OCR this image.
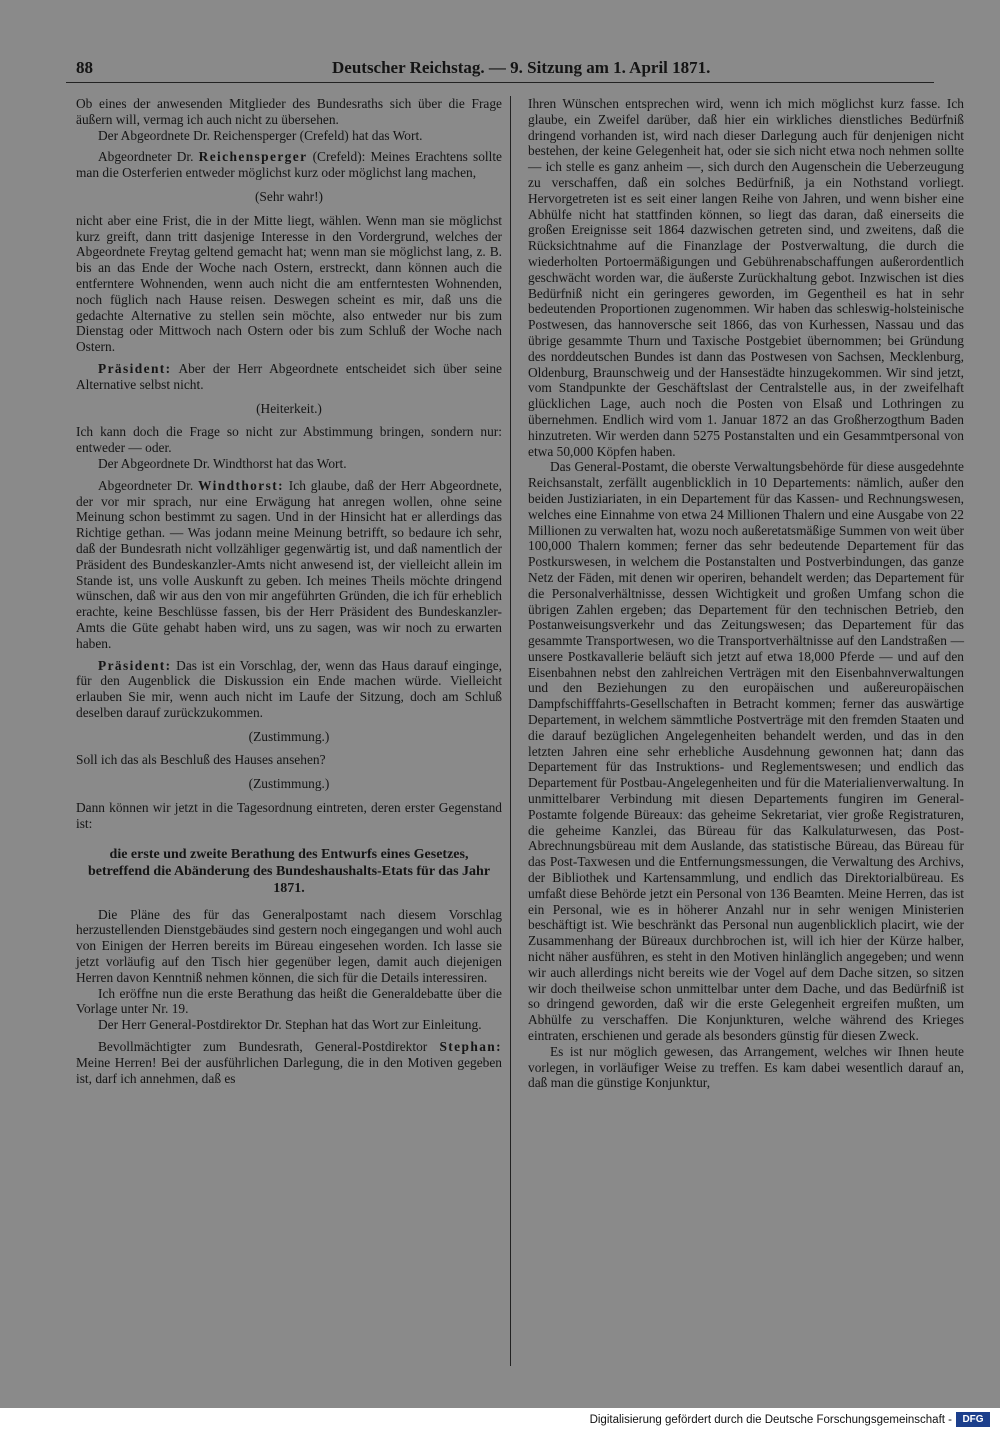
88	Deutscher Reichstag. — 9. Sitzung am 1. April 1871.

Ob eines der anwesenden Mitglieder des Bundesraths sich über die Frage äußern will, vermag ich auch nicht zu übersehen.

Der Abgeordnete Dr. Reichensperger (Crefeld) hat das Wort.

Abgeordneter Dr. Reichensperger (Crefeld): Meines Erachtens sollte man die Osterferien entweder möglichst kurz oder möglichst lang machen,

(Sehr wahr!)

nicht aber eine Frist, die in der Mitte liegt, wählen. Wenn man sie möglichst kurz greift, dann tritt dasjenige Interesse in den Vordergrund, welches der Abgeordnete Freytag geltend gemacht hat; wenn man sie möglichst lang, z. B. bis an das Ende der Woche nach Ostern, erstreckt, dann können auch die entferntere Wohnenden, wenn auch nicht die am entferntesten Wohnenden, noch füglich nach Hause reisen. Deswegen scheint es mir, daß uns die gedachte Alternative zu stellen sein möchte, also entweder nur bis zum Dienstag oder Mittwoch nach Ostern oder bis zum Schluß der Woche nach Ostern.

Präsident: Aber der Herr Abgeordnete entscheidet sich über seine Alternative selbst nicht.

(Heiterkeit.)

Ich kann doch die Frage so nicht zur Abstimmung bringen, sondern nur: entweder — oder.

Der Abgeordnete Dr. Windthorst hat das Wort.

Abgeordneter Dr. Windthorst: Ich glaube, daß der Herr Abgeordnete, der vor mir sprach, nur eine Erwägung hat anregen wollen, ohne seine Meinung schon bestimmt zu sagen. Und in der Hinsicht hat er allerdings das Richtige gethan. — Was jodann meine Meinung betrifft, so bedaure ich sehr, daß der Bundesrath nicht vollzähliger gegenwärtig ist, und daß namentlich der Präsident des Bundeskanzler-Amts nicht anwesend ist, der vielleicht allein im Stande ist, uns volle Auskunft zu geben. Ich meines Theils möchte dringend wünschen, daß wir aus den von mir angeführten Gründen, die ich für erheblich erachte, keine Beschlüsse fassen, bis der Herr Präsident des Bundeskanzler-Amts die Güte gehabt haben wird, uns zu sagen, was wir noch zu erwarten haben.

Präsident: Das ist ein Vorschlag, der, wenn das Haus darauf einginge, für den Augenblick die Diskussion ein Ende machen würde. Vielleicht erlauben Sie mir, wenn auch nicht im Laufe der Sitzung, doch am Schluß deselben darauf zurückzukommen.

(Zustimmung.)

Soll ich das als Beschluß des Hauses ansehen?

(Zustimmung.)

Dann können wir jetzt in die Tagesordnung eintreten, deren erster Gegenstand ist:

die erste und zweite Berathung des Entwurfs eines Gesetzes, betreffend die Abänderung des Bundeshaushalts-Etats für das Jahr 1871.

Die Pläne des für das Generalpostamt nach diesem Vorschlag herzustellenden Dienstgebäudes sind gestern noch eingegangen und wohl auch von Einigen der Herren bereits im Büreau eingesehen worden. Ich lasse sie jetzt vorläufig auf den Tisch hier gegenüber legen, damit auch diejenigen Herren davon Kenntniß nehmen können, die sich für die Details interessiren.

Ich eröffne nun die erste Berathung das heißt die Generaldebatte über die Vorlage unter Nr. 19.

Der Herr General-Postdirektor Dr. Stephan hat das Wort zur Einleitung.

Bevollmächtigter zum Bundesrath, General-Postdirektor Stephan: Meine Herren! Bei der ausführlichen Darlegung, die in den Motiven gegeben ist, darf ich annehmen, daß es

Ihren Wünschen entsprechen wird, wenn ich mich möglichst kurz fasse. Ich glaube, ein Zweifel darüber, daß hier ein wirkliches dienstliches Bedürfniß dringend vorhanden ist, wird nach dieser Darlegung auch für denjenigen nicht bestehen, der keine Gelegenheit hat, oder sie sich nicht etwa noch nehmen sollte — ich stelle es ganz anheim —, sich durch den Augenschein die Ueberzeugung zu verschaffen, daß ein solches Bedürfniß, ja ein Nothstand vorliegt. Hervorgetreten ist es seit einer langen Reihe von Jahren, und wenn bisher eine Abhülfe nicht hat stattfinden können, so liegt das daran, daß einerseits die großen Ereignisse seit 1864 dazwischen getreten sind, und zweitens, daß die Rücksichtnahme auf die Finanzlage der Postverwaltung, die durch die wiederholten Portoermäßigungen und Gebührenabschaffungen außerordentlich geschwächt worden war, die äußerste Zurückhaltung gebot. Inzwischen ist dies Bedürfniß nicht ein geringeres geworden, im Gegentheil es hat in sehr bedeutenden Proportionen zugenommen. Wir haben das schleswig-holsteinische Postwesen, das hannoversche seit 1866, das von Kurhessen, Nassau und das übrige gesammte Thurn und Taxische Postgebiet übernommen; bei Gründung des norddeutschen Bundes ist dann das Postwesen von Sachsen, Mecklenburg, Oldenburg, Braunschweig und der Hansestädte hinzugekommen. Wir sind jetzt, vom Standpunkte der Geschäftslast der Centralstelle aus, in der zweifelhaft glücklichen Lage, auch noch die Posten von Elsaß und Lothringen zu übernehmen. Endlich wird vom 1. Januar 1872 an das Großherzogthum Baden hinzutreten. Wir werden dann 5275 Postanstalten und ein Gesammtpersonal von etwa 50,000 Köpfen haben.

Das General-Postamt, die oberste Verwaltungsbehörde für diese ausgedehnte Reichsanstalt, zerfällt augenblicklich in 10 Departements: nämlich, außer den beiden Justiziariaten, in ein Departement für das Kassen- und Rechnungswesen, welches eine Einnahme von etwa 24 Millionen Thalern und eine Ausgabe von 22 Millionen zu verwalten hat, wozu noch außeretatsmäßige Summen von weit über 100,000 Thalern kommen; ferner das sehr bedeutende Departement für das Postkurswesen, in welchem die Postanstalten und Postverbindungen, das ganze Netz der Fäden, mit denen wir operiren, behandelt werden; das Departement für die Personalverhältnisse, dessen Wichtigkeit und großen Umfang schon die übrigen Zahlen ergeben; das Departement für den technischen Betrieb, den Postanweisungsverkehr und das Zeitungswesen; das Departement für das gesammte Transportwesen, wo die Transportverhältnisse auf den Landstraßen — unsere Postkavallerie beläuft sich jetzt auf etwa 18,000 Pferde — und auf den Eisenbahnen nebst den zahlreichen Verträgen mit den Eisenbahnverwaltungen und den Beziehungen zu den europäischen und außereuropäischen Dampfschifffahrts-Gesellschaften in Betracht kommen; ferner das auswärtige Departement, in welchem sämmtliche Postverträge mit den fremden Staaten und die darauf bezüglichen Angelegenheiten behandelt werden, und das in den letzten Jahren eine sehr erhebliche Ausdehnung gewonnen hat; dann das Departement für das Instruktions- und Reglementswesen; und endlich das Departement für Postbau-Angelegenheiten und für die Materialienverwaltung. In unmittelbarer Verbindung mit diesen Departements fungiren im General-Postamte folgende Büreaux: das geheime Sekretariat, vier große Registraturen, die geheime Kanzlei, das Büreau für das Kalkulaturwesen, das Post-Abrechnungsbüreau mit dem Auslande, das statistische Büreau, das Büreau für das Post-Taxwesen und die Entfernungsmessungen, die Verwaltung des Archivs, der Bibliothek und Kartensammlung, und endlich das Direktorialbüreau. Es umfaßt diese Behörde jetzt ein Personal von 136 Beamten. Meine Herren, das ist ein Personal, wie es in höherer Anzahl nur in sehr wenigen Ministerien beschäftigt ist. Wie beschränkt das Personal nun augenblicklich placirt, wie der Zusammenhang der Büreaux durchbrochen ist, will ich hier der Kürze halber, nicht näher ausführen, es steht in den Motiven hinlänglich angegeben; und wenn wir auch allerdings nicht bereits wie der Vogel auf dem Dache sitzen, so sitzen wir doch theilweise schon unmittelbar unter dem Dache, und das Bedürfniß ist so dringend geworden, daß wir die erste Gelegenheit ergreifen mußten, um Abhülfe zu verschaffen. Die Konjunkturen, welche während des Krieges eintraten, erschienen und gerade als besonders günstig für diesen Zweck.

Es ist nur möglich gewesen, das Arrangement, welches wir Ihnen heute vorlegen, in vorläufiger Weise zu treffen. Es kam dabei wesentlich darauf an, daß man die günstige Konjunktur,

Digitalisierung gefördert durch die Deutsche Forschungsgemeinschaft -	DFG
